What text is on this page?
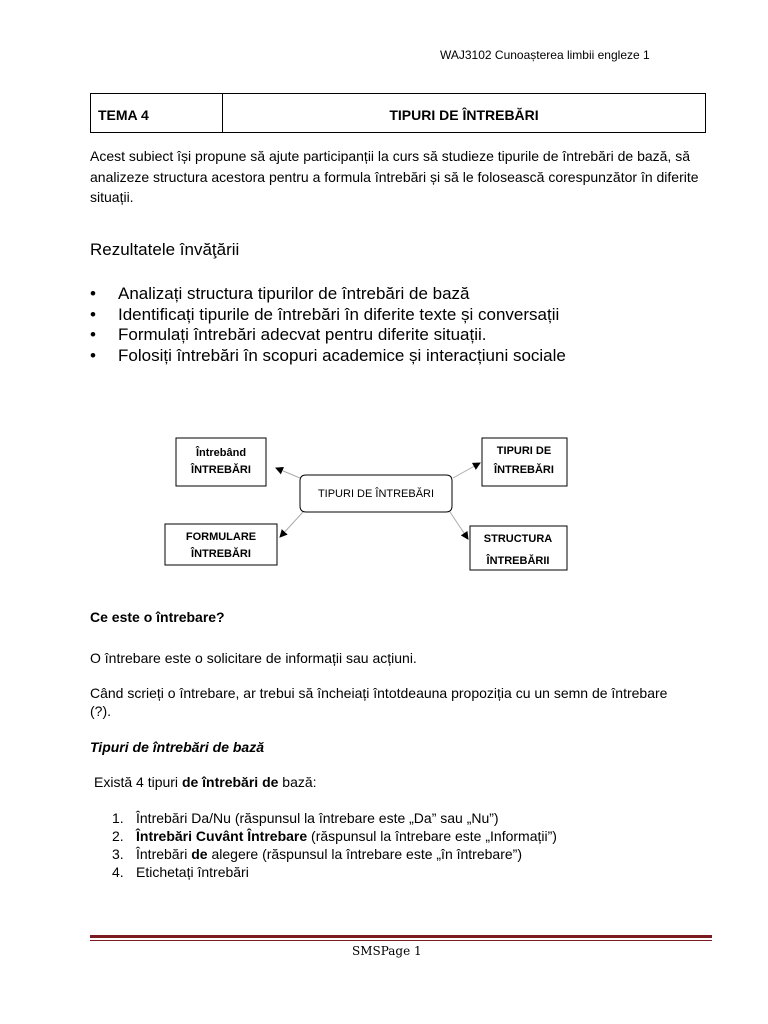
WAJ3102 Cunoașterea limbii engleze 1
TEMA 4	TIPURI DE ÎNTREBĂRI
Acest subiect își propune să ajute participanții la curs să studieze tipurile de întrebări de bază, să analizeze structura acestora pentru a formula întrebări și să le folosească corespunzător în diferite situații.
Rezultatele învăţării
• Analizați structura tipurilor de întrebări de bază
• Identificați tipurile de întrebări în diferite texte și conversații
• Formulați întrebări adecvat pentru diferite situații.
• Folosiți întrebări în scopuri academice și interacțiuni sociale
TIPURI DE ÎNTREBĂRI
Întrebând
ÎNTREBĂRI
TIPURI DE
ÎNTREBĂRI
FORMULARE
ÎNTREBĂRI
STRUCTURA
ÎNTREBĂRII
Ce este o întrebare?
O întrebare este o solicitare de informații sau acțiuni.
Când scrieți o întrebare, ar trebui să încheiați întotdeauna propoziția cu un semn de întrebare (?).
Tipuri de întrebări de bază
Există 4 tipuri de întrebări de bază:
1. Întrebări Da/Nu (răspunsul la întrebare este „Da” sau „Nu”)
2. Întrebări Cuvânt Întrebare (răspunsul la întrebare este „Informații”)
3. Întrebări de alegere (răspunsul la întrebare este „în întrebare”)
4. Etichetați întrebări
SMSPage 1
